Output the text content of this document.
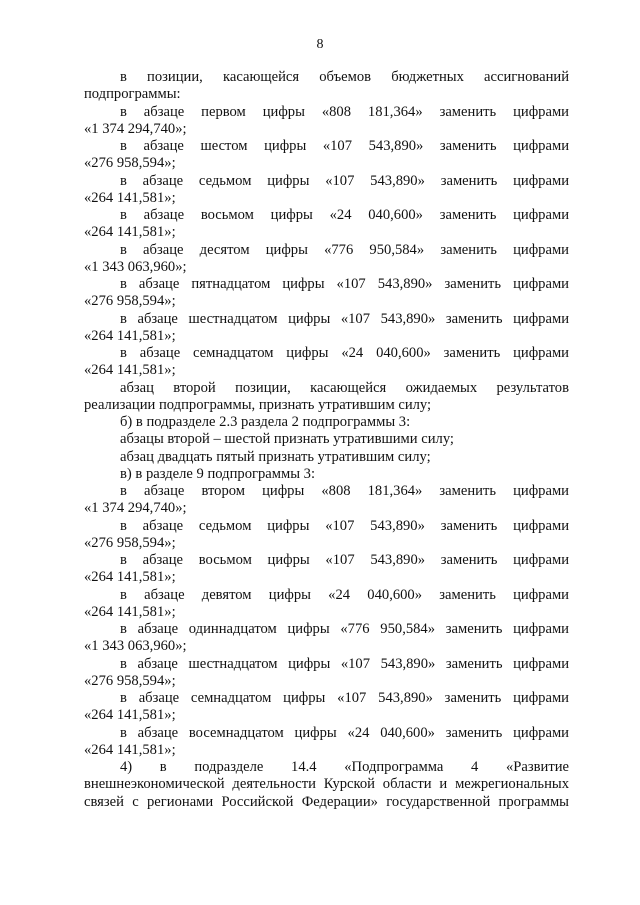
8
в позиции, касающейся объемов бюджетных ассигнований
подпрограммы:
в абзаце первом цифры «808 181,364» заменить цифрами
«1 374 294,740»;
в абзаце шестом цифры «107 543,890» заменить цифрами
«276 958,594»;
в абзаце седьмом цифры «107 543,890» заменить цифрами
«264 141,581»;
в абзаце восьмом цифры «24 040,600» заменить цифрами
«264 141,581»;
в абзаце десятом цифры «776 950,584» заменить цифрами
«1 343 063,960»;
в абзаце пятнадцатом цифры «107 543,890» заменить цифрами
«276 958,594»;
в абзаце шестнадцатом цифры «107 543,890» заменить цифрами
«264 141,581»;
в абзаце семнадцатом цифры «24 040,600» заменить цифрами
«264 141,581»;
абзац второй позиции, касающейся ожидаемых результатов
реализации подпрограммы, признать утратившим силу;
б) в подразделе 2.3 раздела 2 подпрограммы 3:
абзацы второй – шестой признать утратившими силу;
абзац двадцать пятый признать утратившим силу;
в) в разделе 9 подпрограммы 3:
в абзаце втором цифры «808 181,364» заменить цифрами
«1 374 294,740»;
в абзаце седьмом цифры «107 543,890» заменить цифрами
«276 958,594»;
в абзаце восьмом цифры «107 543,890» заменить цифрами
«264 141,581»;
в абзаце девятом цифры «24 040,600» заменить цифрами
«264 141,581»;
в абзаце одиннадцатом цифры «776 950,584» заменить цифрами
«1 343 063,960»;
в абзаце шестнадцатом цифры «107 543,890» заменить цифрами
«276 958,594»;
в абзаце семнадцатом цифры «107 543,890» заменить цифрами
«264 141,581»;
в абзаце восемнадцатом цифры «24 040,600» заменить цифрами
«264 141,581»;
4) в подразделе 14.4 «Подпрограмма 4 «Развитие
внешнеэкономической деятельности Курской области и межрегиональных
связей с регионами Российской Федерации» государственной программы
